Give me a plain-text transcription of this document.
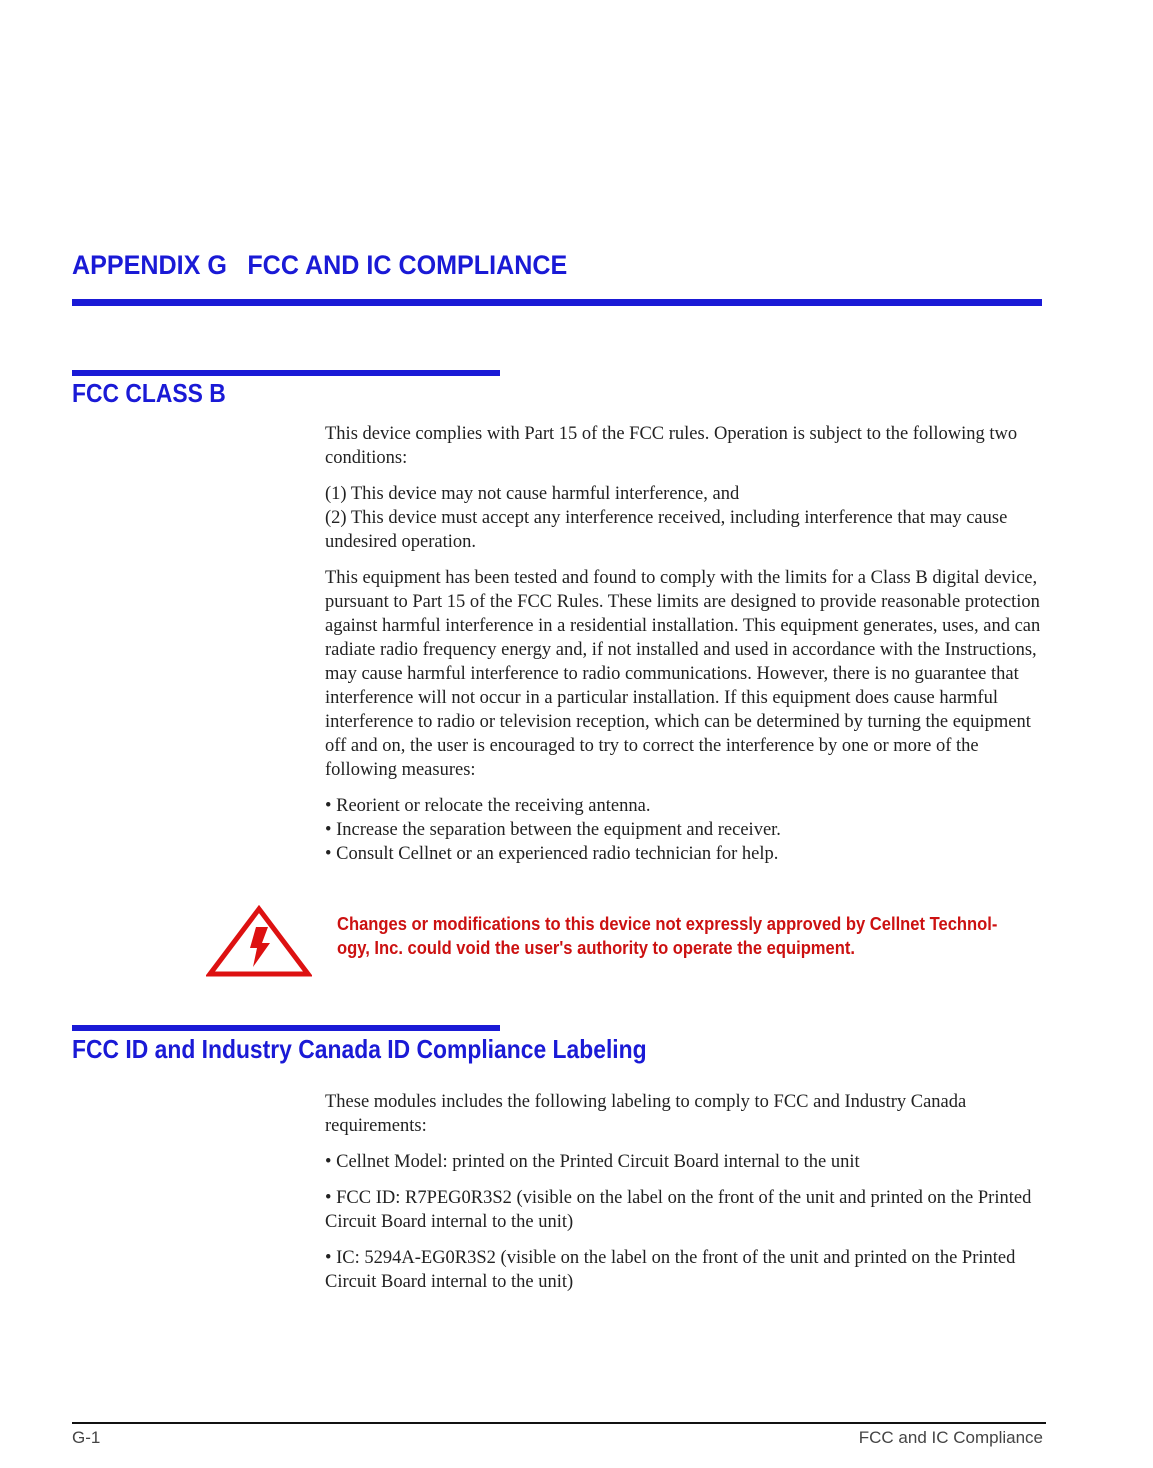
APPENDIX G FCC AND IC COMPLIANCE
FCC CLASS B

This device complies with Part 15 of the FCC rules. Operation is subject to the following two conditions:

(1) This device may not cause harmful interference, and

(2) This device must accept any interference received, including interference that may cause undesired operation.

This equipment has been tested and found to comply with the limits for a Class B digital device, pursuant to Part 15 of the FCC Rules. These limits are designed to provide reasonable protection against harmful interference in a residential installation. This equipment generates, uses, and can radiate radio frequency energy and, if not installed and used in accordance with the Instructions, may cause harmful interference to radio communications. However, there is no guarantee that interference will not occur in a particular installation. If this equipment does cause harmful interference to radio or television reception, which can be determined by turning the equipment off and on, the user is encouraged to try to correct the interference by one or more of the following measures:

• Reorient or relocate the receiving antenna.

• Increase the separation between the equipment and receiver.

• Consult Cellnet or an experienced radio technician for help.

Changes or modifications to this device not expressly approved by Cellnet Technol-ogy, Inc. could void the user's authority to operate the equipment.
FCC ID and Industry Canada ID Compliance Labeling

These modules includes the following labeling to comply to FCC and Industry Canada requirements:

• Cellnet Model: printed on the Printed Circuit Board internal to the unit

• FCC ID: R7PEG0R3S2 (visible on the label on the front of the unit and printed on the Printed Circuit Board internal to the unit)

• IC: 5294A-EG0R3S2 (visible on the label on the front of the unit and printed on the Printed Circuit Board internal to the unit)

G-1	FCC and IC Compliance
